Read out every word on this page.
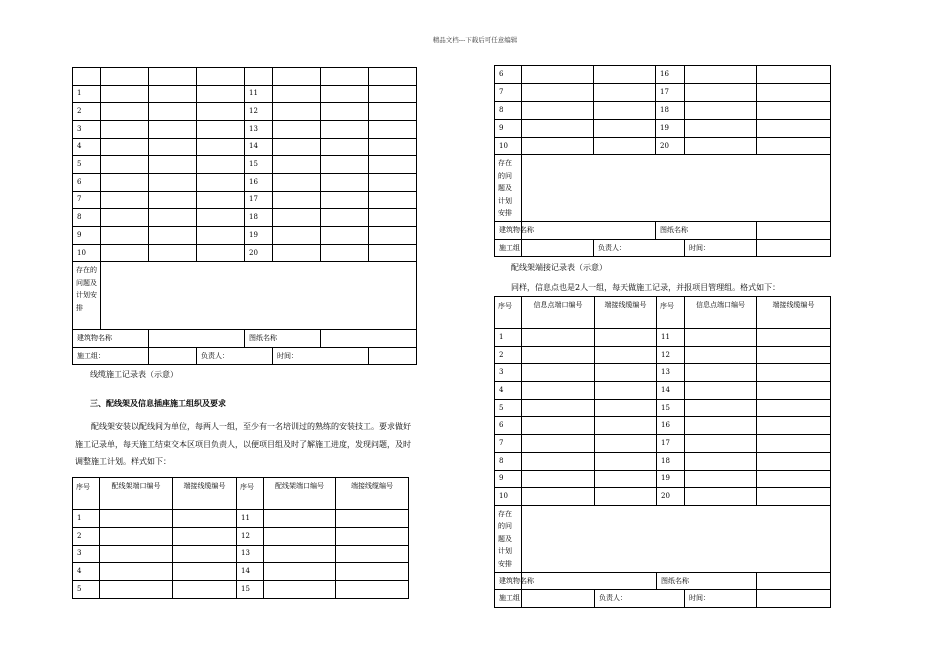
精品文档---下载后可任意编辑

1				11			
2				12			
3				13			
4				14			
5				15			
6				16			
7				17			
8				18			
9				19			
10				20			
存在的问题及计划安排							
建筑物名称				图纸名称			
施工组：			负责人：		时间：		
线缆施工记录表（示意）
三、配线架及信息插座施工组织及要求
配线架安装以配线间为单位，每两人一组，至少有一名培训过的熟练的安装技工。要求做好施工记录单，每天施工结束交本区项目负责人，以便项目组及时了解施工进度，发现问题，及时调整施工计划。样式如下：
序号	配线架端口编号	端接线缆编号	序号	配线架端口编号	端接线缆编号
1			11		
2			12		
3			13		
4			14		
5			15		
6			16		
7			17		
8			18		
9			19		
10			20		
存在的问题及计划安排					
建筑物名称			图纸名称		
施工组：		负责人：		时间：	
配线架端接记录表（示意）
同样，信息点也是2人一组，每天做施工记录，并报项目管理组。格式如下：
序号	信息点端口编号	端接线缆编号	序号	信息点端口编号	端接线缆编号
1			11		
2			12		
3			13		
4			14		
5			15		
6			16		
7			17		
8			18		
9			19		
10			20		
存在的问题及计划安排					
建筑物名称			图纸名称		
施工组：		负责人：		时间：	
